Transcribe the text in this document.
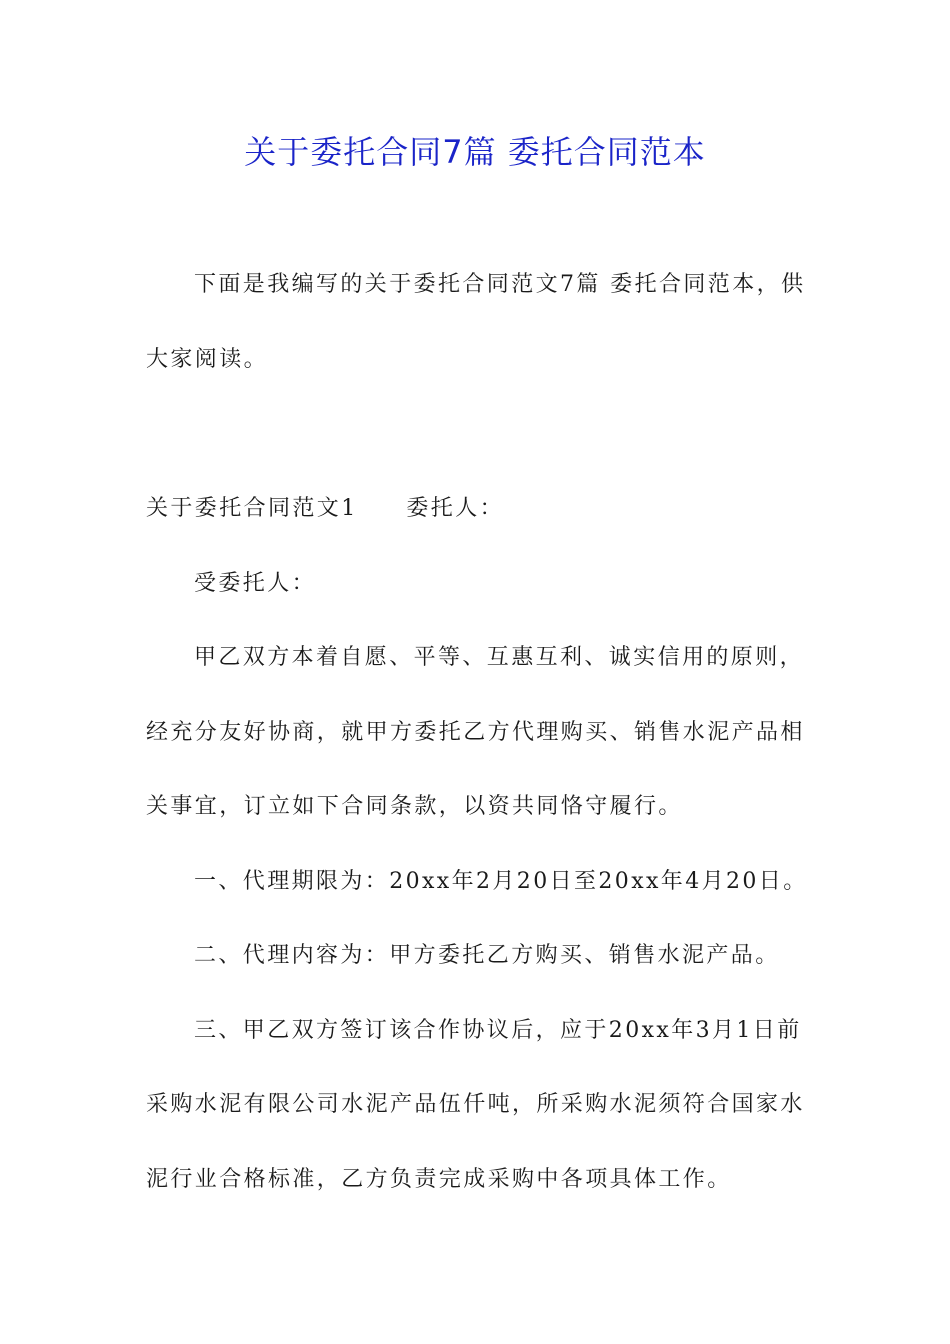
关于委托合同7篇 委托合同范本
下面是我编写的关于委托合同范文7篇 委托合同范本，供
大家阅读。
关于委托合同范文1　　委托人：
受委托人：
甲乙双方本着自愿、平等、互惠互利、诚实信用的原则，
经充分友好协商，就甲方委托乙方代理购买、销售水泥产品相
关事宜，订立如下合同条款，以资共同恪守履行。
一、代理期限为：20xx年2月20日至20xx年4月20日。
二、代理内容为：甲方委托乙方购买、销售水泥产品。
三、甲乙双方签订该合作协议后，应于20xx年3月1日前
采购水泥有限公司水泥产品伍仟吨，所采购水泥须符合国家水
泥行业合格标准，乙方负责完成采购中各项具体工作。
